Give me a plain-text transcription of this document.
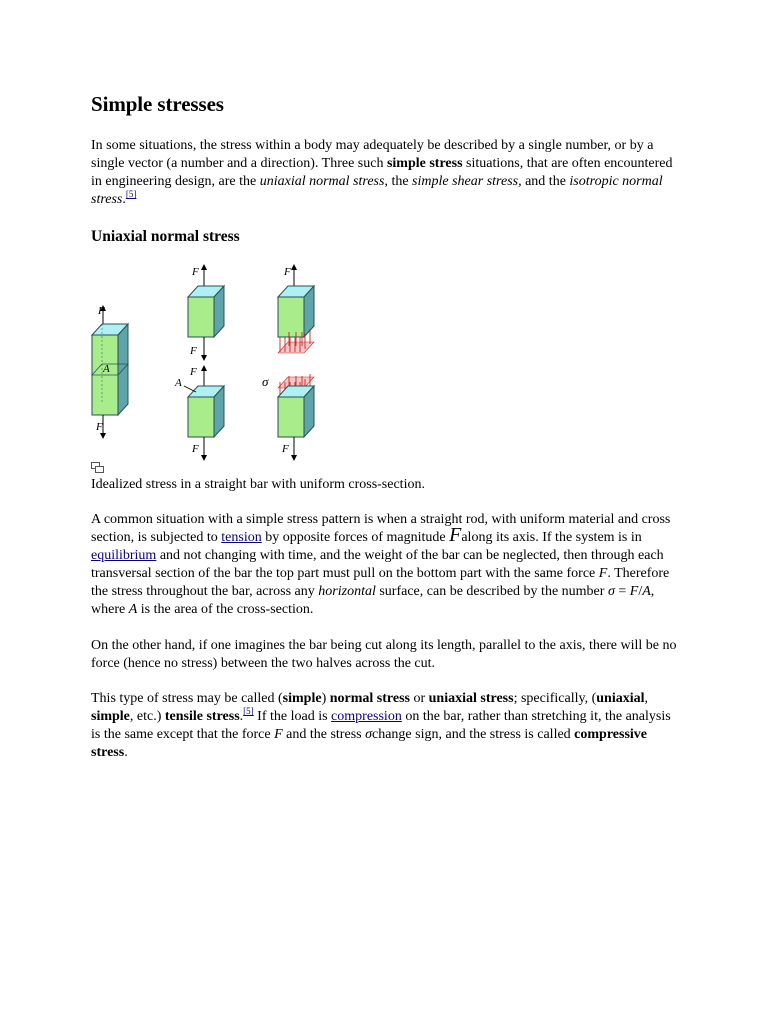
Simple stresses

In some situations, the stress within a body may adequately be described by a single number, or by a single vector (a number and a direction). Three such simple stress situations, that are often encountered in engineering design, are the uniaxial normal stress, the simple shear stress, and the isotropic normal stress.[5]

Uniaxial normal stress

Idealized stress in a straight bar with uniform cross-section.

A common situation with a simple stress pattern is when a straight rod, with uniform material and cross section, is subjected to tension by opposite forces of magnitude Falong its axis. If the system is in equilibrium and not changing with time, and the weight of the bar can be neglected, then through each transversal section of the bar the top part must pull on the bottom part with the same force F. Therefore the stress throughout the bar, across any horizontal surface, can be described by the number σ = F/A, where A is the area of the cross-section.

On the other hand, if one imagines the bar being cut along its length, parallel to the axis, there will be no force (hence no stress) between the two halves across the cut.

This type of stress may be called (simple) normal stress or uniaxial stress; specifically, (uniaxial, simple, etc.) tensile stress.[5] If the load is compression on the bar, rather than stretching it, the analysis is the same except that the force F and the stress σchange sign, and the stress is called compressive stress.

F
A
F
F
F
F
A
F
F
σ
F
